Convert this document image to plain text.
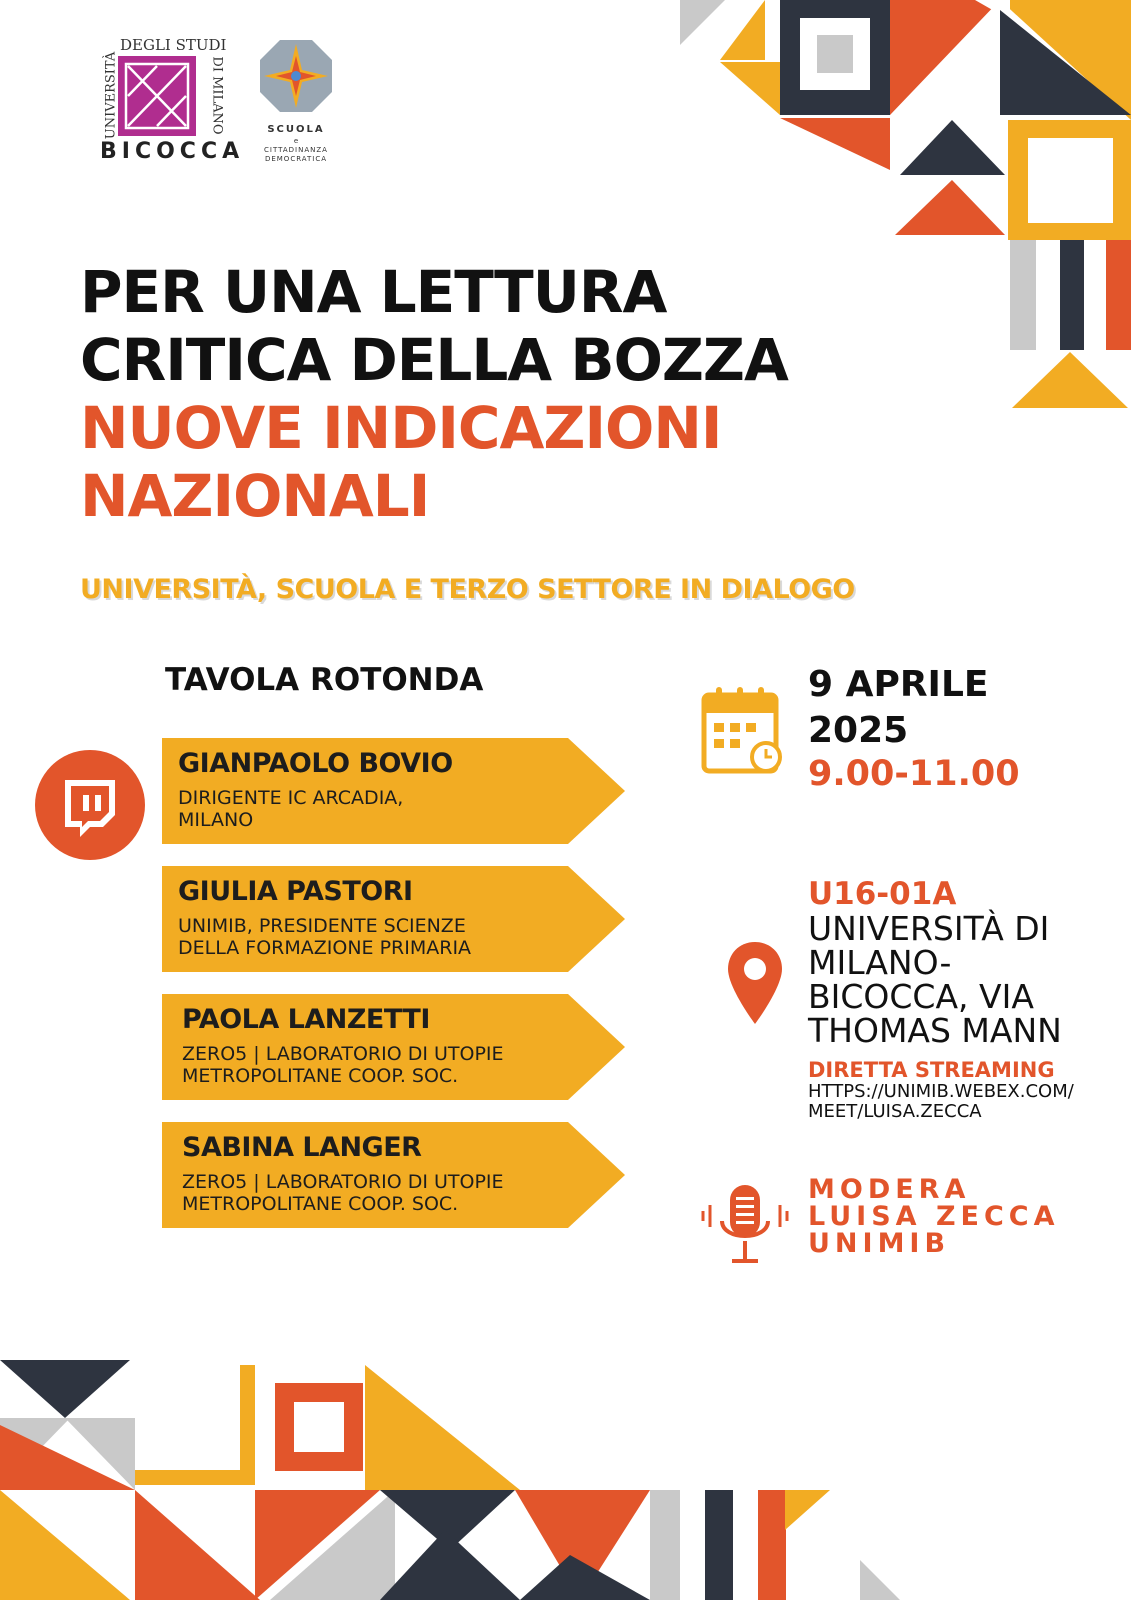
DEGLI STUDI
UNIVERSITÀ	DI MILANO
BICOCCA
SCUOLA
e
CITTADINANZA
DEMOCRATICA
PER UNA LETTURA
CRITICA DELLA BOZZA
NUOVE INDICAZIONI
NAZIONALI
UNIVERSITÀ, SCUOLA E TERZO SETTORE IN DIALOGO
TAVOLA ROTONDA
GIANPAOLO BOVIO
DIRIGENTE IC ARCADIA,
MILANO
GIULIA PASTORI
UNIMIB, PRESIDENTE SCIENZE
DELLA FORMAZIONE PRIMARIA
PAOLA LANZETTI
ZERO5 | LABORATORIO DI UTOPIE
METROPOLITANE COOP. SOC.
SABINA LANGER
ZERO5 | LABORATORIO DI UTOPIE
METROPOLITANE COOP. SOC.
9 APRILE
2025
9.00-11.00
U16-01A
UNIVERSITÀ DI
MILANO-
BICOCCA, VIA
THOMAS MANN
DIRETTA STREAMING
HTTPS://UNIMIB.WEBEX.COM/
MEET/LUISA.ZECCA
MODERA
LUISA ZECCA
UNIMIB
